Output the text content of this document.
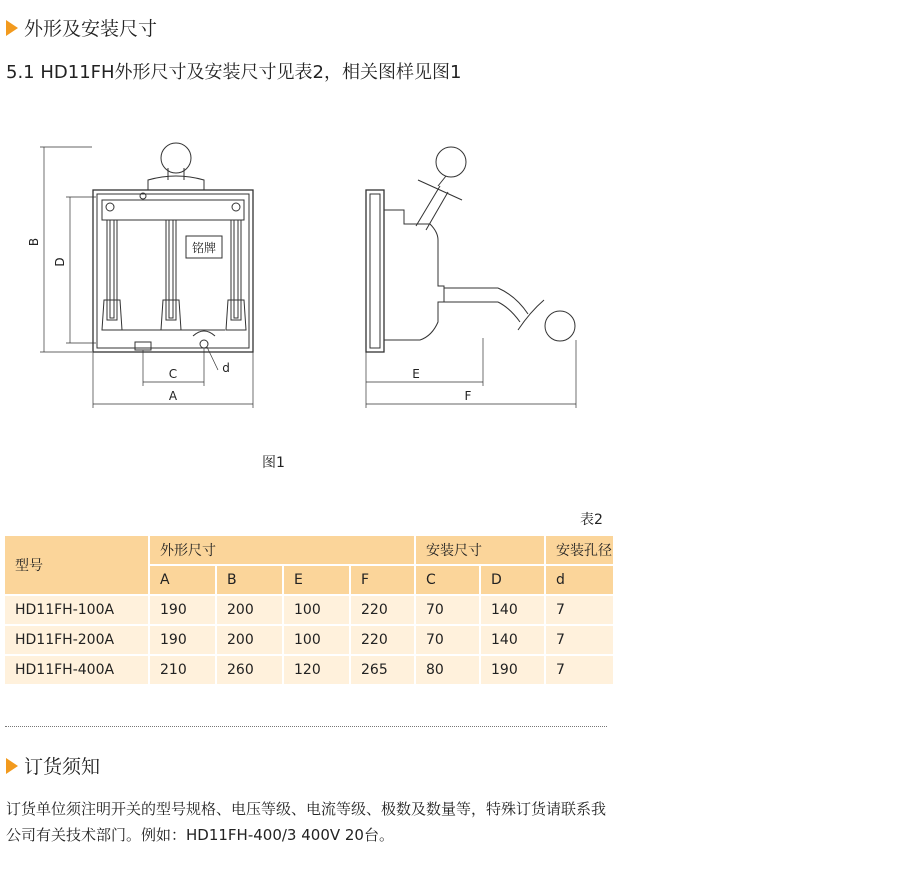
外形及安装尺寸
5.1 HD11FH外形尺寸及安装尺寸见表2，相关图样见图1
铭牌
A
C	d
B
D
E
F
图1
表2
型号	外形尺寸				安装尺寸		安装孔径
	A	B	E	F	C	D	d
HD11FH-100A	190	200	100	220	70	140	7
HD11FH-200A	190	200	100	220	70	140	7
HD11FH-400A	210	260	120	265	80	190	7
订货须知
订货单位须注明开关的型号规格、电压等级、电流等级、极数及数量等，特殊订货请联系我公司有关技术部门。例如：HD11FH-400/3 400V 20台。
